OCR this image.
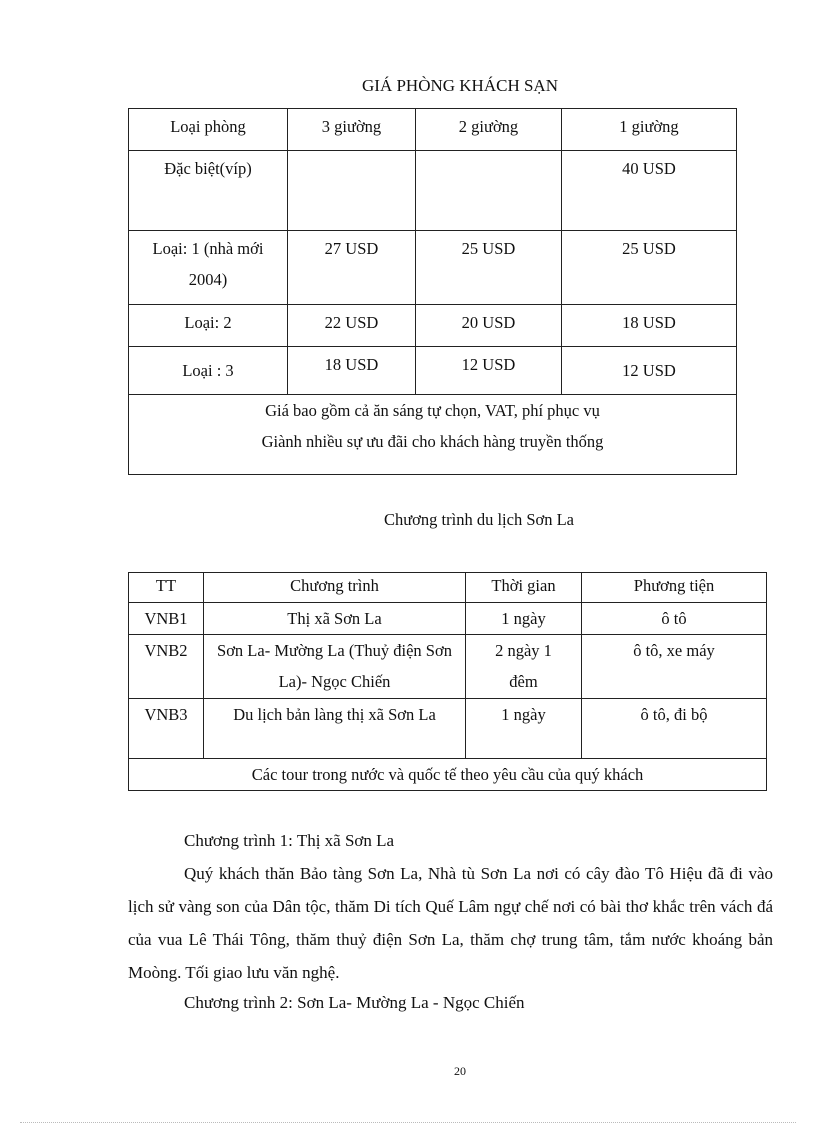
GIÁ PHÒNG KHÁCH SẠN
Loại phòng	3 giường	2 giường	1 giường
Đặc biệt(víp)			40 USD
Loại: 1 (nhà mới 2004)	27 USD	25 USD	25 USD
Loại: 2	22 USD	20 USD	18 USD
Loại : 3	18 USD	12 USD	12 USD

Giá bao gồm cả ăn sáng tự chọn, VAT, phí phục vụ
Giành nhiều sự ưu đãi cho khách hàng truyền thống			
Chương trình du lịch Sơn La
TT	Chương trình	Thời gian	Phương tiện
VNB1	Thị xã Sơn La	1 ngày	ô tô
VNB2	Sơn La- Mường La (Thuỷ điện Sơn La)- Ngọc Chiến	2 ngày 1 đêm	ô tô, xe máy
VNB3	Du lịch bản làng thị xã Sơn La	1 ngày	ô tô, đi bộ
Các tour trong nước và quốc tế theo yêu cầu của quý khách			
Chương trình 1: Thị xã Sơn La
Quý khách thăn Bảo tàng Sơn La, Nhà tù Sơn La nơi có cây đào Tô Hiệu đã đi vào lịch sử vàng son của Dân tộc, thăm Di tích Quế Lâm ngự chế nơi có bài thơ khắc trên vách đá của vua Lê Thái Tông, thăm thuỷ điện Sơn La, thăm chợ trung tâm, tắm nước khoáng bản Moòng. Tối giao lưu văn nghệ.
Chương trình 2: Sơn La- Mường La - Ngọc Chiến
20
